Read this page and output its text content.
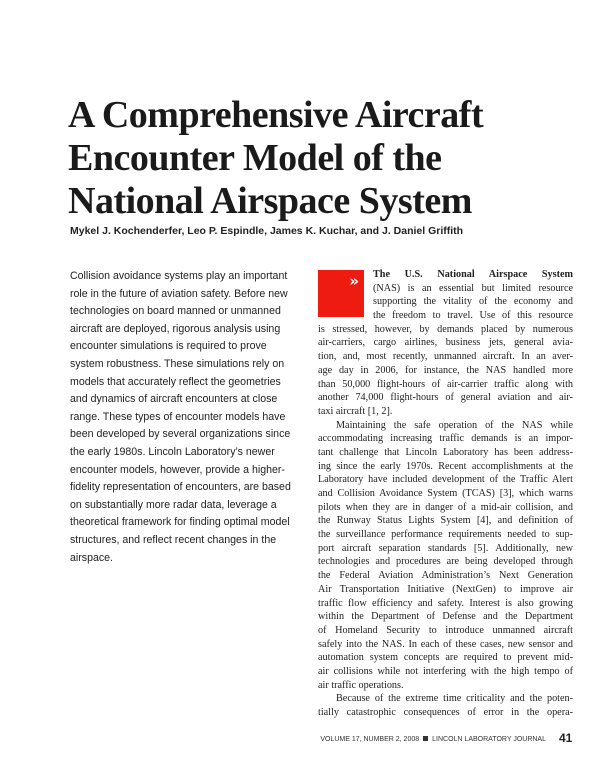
A Comprehensive Aircraft
Encounter Model of the
National Airspace System
Mykel J. Kochenderfer, Leo P. Espindle, James K. Kuchar, and J. Daniel Griffith
Collision avoidance systems play an important
role in the future of aviation safety. Before new
technologies on board manned or unmanned
aircraft are deployed, rigorous analysis using
encounter simulations is required to prove
system robustness. These simulations rely on
models that accurately reflect the geometries
and dynamics of aircraft encounters at close
range. These types of encounter models have
been developed by several organizations since
the early 1980s. Lincoln Laboratory’s newer
encounter models, however, provide a higher-
fidelity representation of encounters, are based
on substantially more radar data, leverage a
theoretical framework for finding optimal model
structures, and reflect recent changes in the
airspace.
» The U.S. National Airspace System
(NAS) is an essential but limited resource
supporting the vitality of the economy and
the freedom to travel. Use of this resource
is stressed, however, by demands placed by numerous
air-carriers, cargo airlines, business jets, general avia-
tion, and, most recently, unmanned aircraft. In an aver-
age day in 2006, for instance, the NAS handled more
than 50,000 flight-hours of air-carrier traffic along with
another 74,000 flight-hours of general aviation and air-
taxi aircraft [1, 2].
Maintaining the safe operation of the NAS while
accommodating increasing traffic demands is an impor-
tant challenge that Lincoln Laboratory has been address-
ing since the early 1970s. Recent accomplishments at the
Laboratory have included development of the Traffic Alert
and Collision Avoidance System (TCAS) [3], which warns
pilots when they are in danger of a mid-air collision, and
the Runway Status Lights System [4], and definition of
the surveillance performance requirements needed to sup-
port aircraft separation standards [5]. Additionally, new
technologies and procedures are being developed through
the Federal Aviation Administration’s Next Generation
Air Transportation Initiative (NextGen) to improve air
traffic flow efficiency and safety. Interest is also growing
within the Department of Defense and the Department
of Homeland Security to introduce unmanned aircraft
safely into the NAS. In each of these cases, new sensor and
automation system concepts are required to prevent mid-
air collisions while not interfering with the high tempo of
air traffic operations.
Because of the extreme time criticality and the poten-
tially catastrophic consequences of error in the opera-
VOLUME 17, NUMBER 2, 2008 LINCOLN LABORATORY JOURNAL 41
